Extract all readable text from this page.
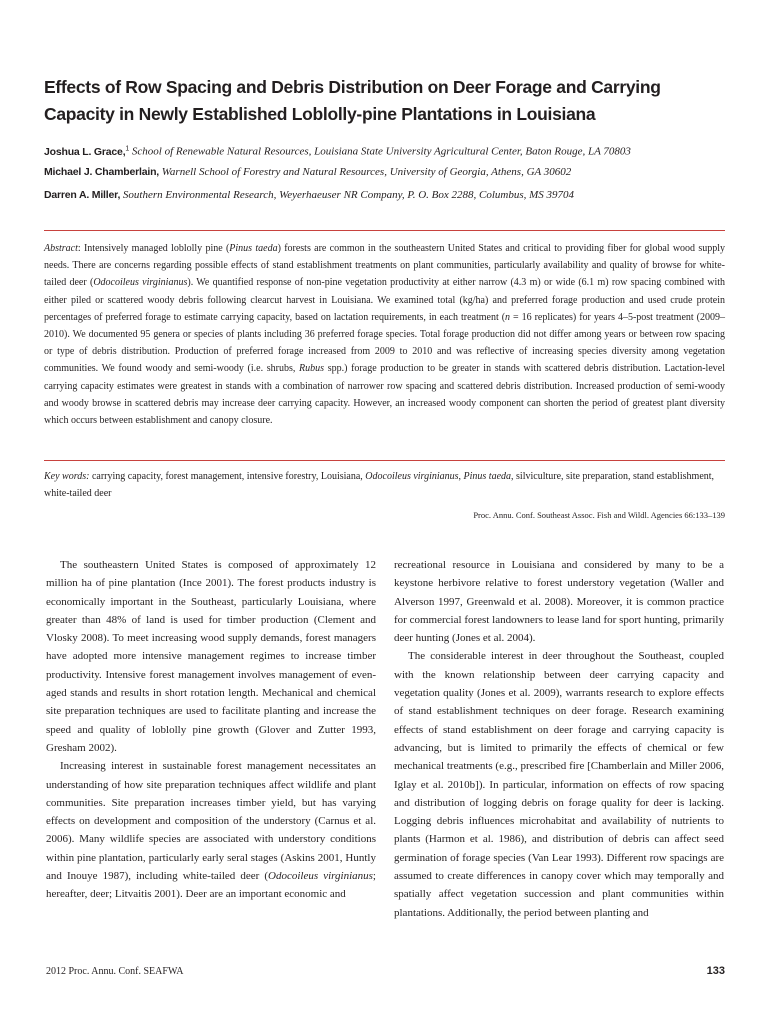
Effects of Row Spacing and Debris Distribution on Deer Forage and Carrying Capacity in Newly Established Loblolly-pine Plantations in Louisiana
Joshua L. Grace,$^1$ School of Renewable Natural Resources, Louisiana State University Agricultural Center, Baton Rouge, LA 70803
Michael J. Chamberlain, Warnell School of Forestry and Natural Resources, University of Georgia, Athens, GA 30602
Darren A. Miller, Southern Environmental Research, Weyerhaeuser NR Company, P. O. Box 2288, Columbus, MS 39704

Abstract: Intensively managed loblolly pine (Pinus taeda) forests are common in the southeastern United States and critical to providing fiber for global wood supply needs. There are concerns regarding possible effects of stand establishment treatments on plant communities, particularly availability and quality of browse for white-tailed deer (Odocoileus virginianus). We quantified response of non-pine vegetation productivity at either narrow (4.3 m) or wide (6.1 m) row spacing combined with either piled or scattered woody debris following clearcut harvest in Louisiana. We examined total (kg/ha) and preferred forage production and used crude protein percentages of preferred forage to estimate carrying capacity, based on lactation requirements, in each treatment (n = 16 replicates) for years 4–5-post treatment (2009–2010). We documented 95 genera or species of plants including 36 preferred forage species. Total forage production did not differ among years or between row spacing or type of debris distribution. Production of preferred forage increased from 2009 to 2010 and was reflective of increasing species diversity among vegetation communities. We found woody and semi-woody (i.e. shrubs, Rubus spp.) forage production to be greater in stands with scattered debris distribution. Lactation-level carrying capacity estimates were greatest in stands with a combination of narrower row spacing and scattered debris distribution. Increased production of semi-woody and woody browse in scattered debris may increase deer carrying capacity. However, an increased woody component can shorten the period of greatest plant diversity which occurs between establishment and canopy closure.

Key words: carrying capacity, forest management, intensive forestry, Louisiana, Odocoileus virginianus, Pinus taeda, silviculture, site preparation, stand establishment, white-tailed deer

Proc. Annu. Conf. Southeast Assoc. Fish and Wildl. Agencies 66:133–139

The southeastern United States is composed of approximately 12 million ha of pine plantation (Ince 2001). The forest products industry is economically important in the Southeast, particularly Louisiana, where greater than 48% of land is used for timber production (Clement and Vlosky 2008). To meet increasing wood supply demands, forest managers have adopted more intensive management regimes to increase timber productivity. Intensive forest management involves management of even-aged stands and results in short rotation length. Mechanical and chemical site preparation techniques are used to facilitate planting and increase the speed and quality of loblolly pine growth (Glover and Zutter 1993, Gresham 2002).

Increasing interest in sustainable forest management necessitates an understanding of how site preparation techniques affect wildlife and plant communities. Site preparation increases timber yield, but has varying effects on development and composition of the understory (Carnus et al. 2006). Many wildlife species are associated with understory conditions within pine plantation, particularly early seral stages (Askins 2001, Huntly and Inouye 1987), including white-tailed deer (Odocoileus virginianus; hereafter, deer; Litvaitis 2001). Deer are an important economic and

recreational resource in Louisiana and considered by many to be a keystone herbivore relative to forest understory vegetation (Waller and Alverson 1997, Greenwald et al. 2008). Moreover, it is common practice for commercial forest landowners to lease land for sport hunting, primarily deer hunting (Jones et al. 2004).

The considerable interest in deer throughout the Southeast, coupled with the known relationship between deer carrying capacity and vegetation quality (Jones et al. 2009), warrants research to explore effects of stand establishment techniques on deer forage. Research examining effects of stand establishment on deer forage and carrying capacity is advancing, but is limited to primarily the effects of chemical or few mechanical treatments (e.g., prescribed fire [Chamberlain and Miller 2006, Iglay et al. 2010b]). In particular, information on effects of row spacing and distribution of logging debris on forage quality for deer is lacking. Logging debris influences microhabitat and availability of nutrients to plants (Harmon et al. 1986), and distribution of debris can affect seed germination of forage species (Van Lear 1993). Different row spacings are assumed to create differences in canopy cover which may temporally and spatially affect vegetation succession and plant communities within plantations. Additionally, the period between planting and

2012 Proc. Annu. Conf. SEAFWA	133
